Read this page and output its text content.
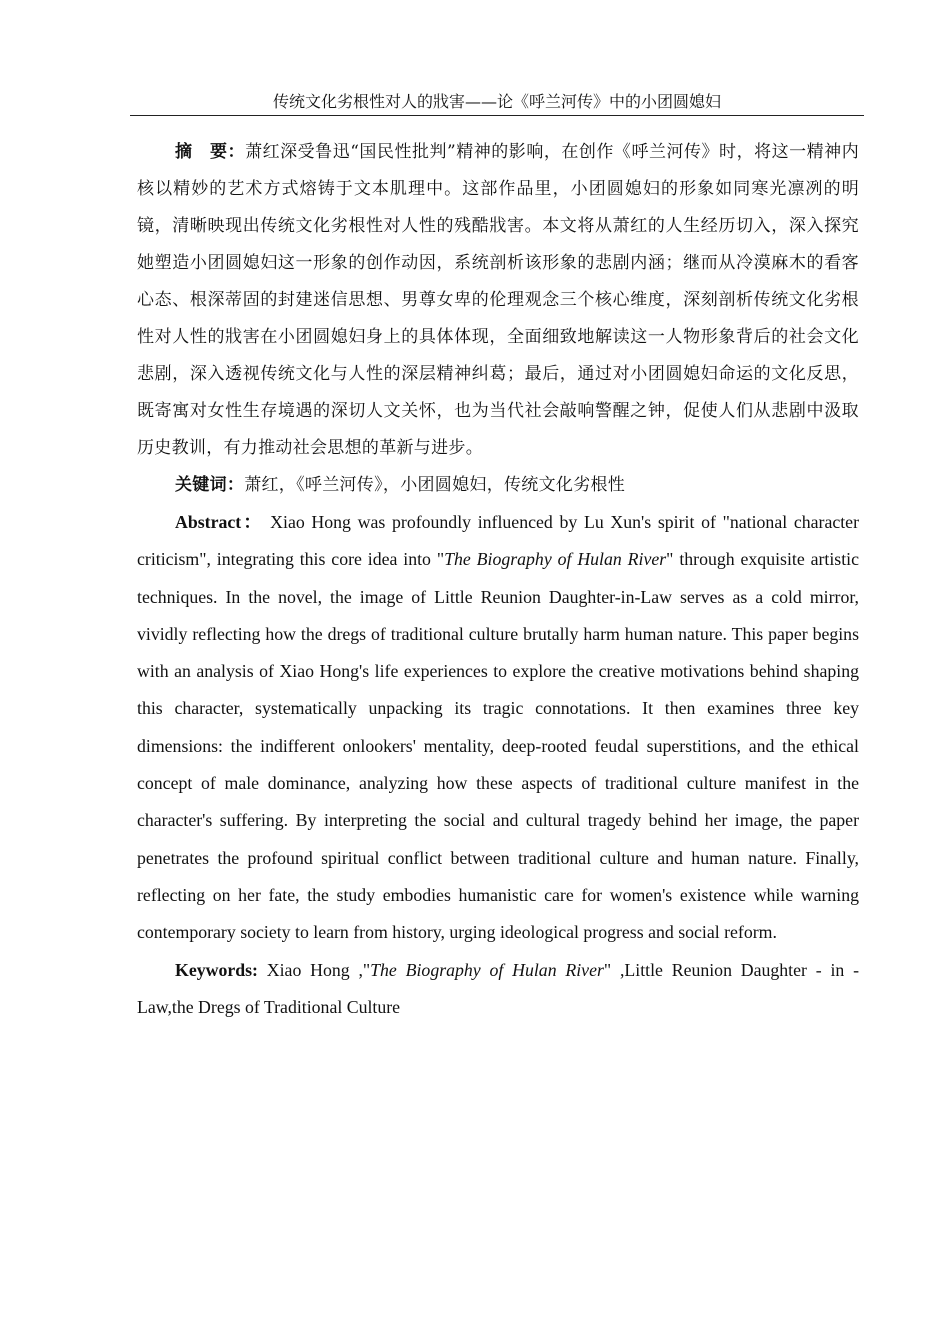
传统文化劣根性对人的戕害——论《呼兰河传》中的小团圆媳妇

摘　要：萧红深受鲁迅“国民性批判”精神的影响，在创作《呼兰河传》时，将这一精神内核以精妙的艺术方式熔铸于文本肌理中。这部作品里，小团圆媳妇的形象如同寒光凛冽的明镜，清晰映现出传统文化劣根性对人性的残酷戕害。本文将从萧红的人生经历切入，深入探究她塑造小团圆媳妇这一形象的创作动因，系统剖析该形象的悲剧内涵；继而从冷漠麻木的看客心态、根深蒂固的封建迷信思想、男尊女卑的伦理观念三个核心维度，深刻剖析传统文化劣根性对人性的戕害在小团圆媳妇身上的具体体现，全面细致地解读这一人物形象背后的社会文化悲剧，深入透视传统文化与人性的深层精神纠葛；最后，通过对小团圆媳妇命运的文化反思，既寄寓对女性生存境遇的深切人文关怀，也为当代社会敲响警醒之钟，促使人们从悲剧中汲取历史教训，有力推动社会思想的革新与进步。

关键词：萧红，《呼兰河传》，小团圆媳妇，传统文化劣根性

Abstract： Xiao Hong was profoundly influenced by Lu Xun's spirit of "national character criticism", integrating this core idea into "The Biography of Hulan River" through exquisite artistic techniques. In the novel, the image of Little Reunion Daughter-in-Law serves as a cold mirror, vividly reflecting how the dregs of traditional culture brutally harm human nature. This paper begins with an analysis of Xiao Hong's life experiences to explore the creative motivations behind shaping this character, systematically unpacking its tragic connotations. It then examines three key dimensions: the indifferent onlookers' mentality, deep-rooted feudal superstitions, and the ethical concept of male dominance, analyzing how these aspects of traditional culture manifest in the character's suffering. By interpreting the social and cultural tragedy behind her image, the paper penetrates the profound spiritual conflict between traditional culture and human nature. Finally, reflecting on her fate, the study embodies humanistic care for women's existence while warning contemporary society to learn from history, urging ideological progress and social reform.

Keywords: Xiao Hong ,"The Biography of Hulan River" ,Little Reunion Daughter - in - Law,the Dregs of Traditional Culture
